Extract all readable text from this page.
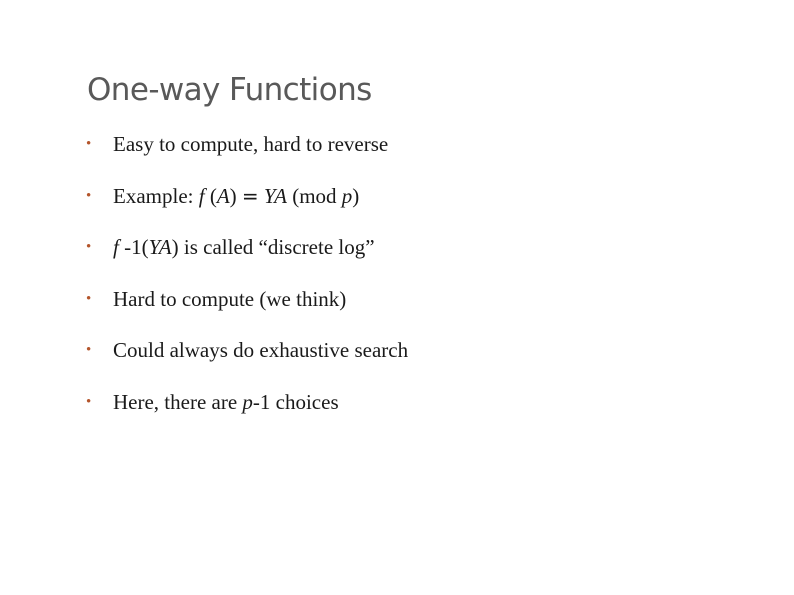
One-way Functions
•	Easy to compute, hard to reverse
•	Example: f (A) = YA (mod p)
•	f -1(YA) is called “discrete log”
•	Hard to compute (we think)
•	Could always do exhaustive search
•	Here, there are p-1 choices
